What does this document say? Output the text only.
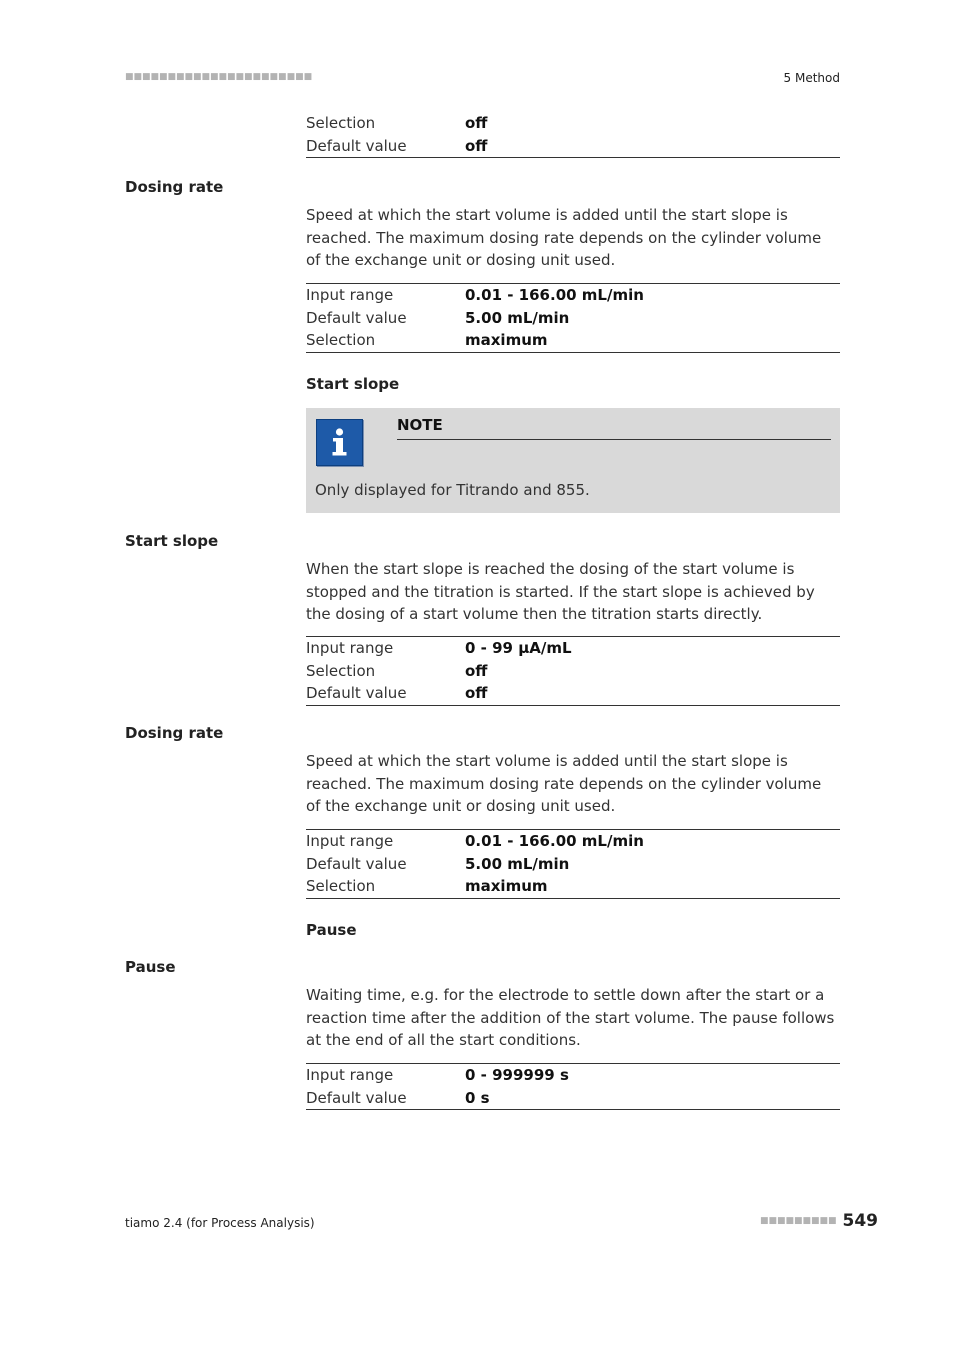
■■■■■■■■■■■■■■■■■■■■■■	5 Method
Selection	off
Default value	off
Dosing rate
Speed at which the start volume is added until the start slope is reached. The maximum dosing rate depends on the cylinder volume of the exchange unit or dosing unit used.
Input range	0.01 - 166.00 mL/min
Default value	5.00 mL/min
Selection	maximum
Start slope
NOTE
Only displayed for Titrando and 855.
Start slope
When the start slope is reached the dosing of the start volume is stopped and the titration is started. If the start slope is achieved by the dosing of a start volume then the titration starts directly.
Input range	0 - 99 µA/mL
Selection	off
Default value	off
Dosing rate
Speed at which the start volume is added until the start slope is reached. The maximum dosing rate depends on the cylinder volume of the exchange unit or dosing unit used.
Input range	0.01 - 166.00 mL/min
Default value	5.00 mL/min
Selection	maximum
Pause
Pause
Waiting time, e.g. for the electrode to settle down after the start or a reaction time after the addition of the start volume. The pause follows at the end of all the start conditions.
Input range	0 - 999999 s
Default value	0 s
tiamo 2.4 (for Process Analysis)	■■■■■■■■■ 549
